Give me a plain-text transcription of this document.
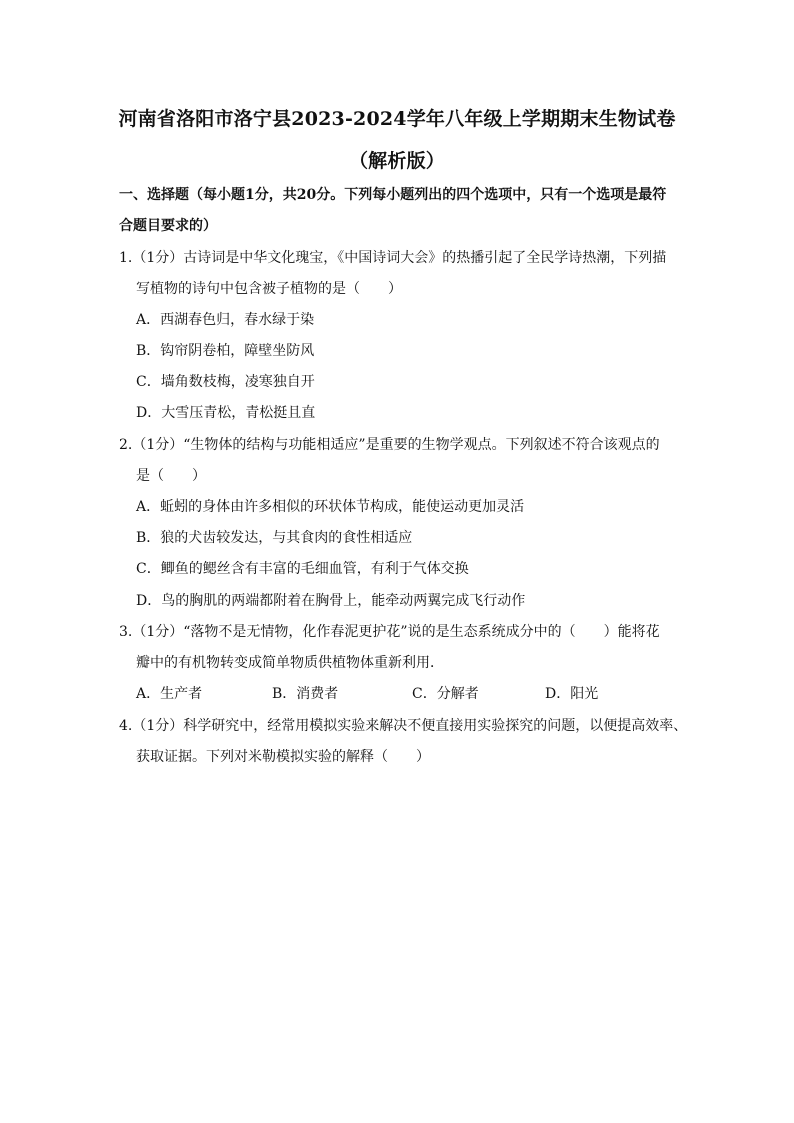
河南省洛阳市洛宁县2023-2024学年八年级上学期期末生物试卷
（解析版）
一、选择题（每小题1分，共20分。下列每小题列出的四个选项中，只有一个选项是最符
合题目要求的）
1.（1分）古诗词是中华文化瑰宝，《中国诗词大会》的热播引起了全民学诗热潮，下列描
写植物的诗句中包含被子植物的是（　　）
A．西湖春色归，春水绿于染
B．钩帘阴卷柏，障壁坐防风
C．墙角数枝梅，凌寒独自开
D．大雪压青松，青松挺且直
2.（1分）“生物体的结构与功能相适应”是重要的生物学观点。下列叙述不符合该观点的
是（　　）
A．蚯蚓的身体由许多相似的环状体节构成，能使运动更加灵活
B．狼的犬齿较发达，与其食肉的食性相适应
C．鲫鱼的鳃丝含有丰富的毛细血管，有利于气体交换
D．鸟的胸肌的两端都附着在胸骨上，能牵动两翼完成飞行动作
3.（1分）“落物不是无情物，化作春泥更护花”说的是生态系统成分中的（　　）能将花
瓣中的有机物转变成简单物质供植物体重新利用．
A．生产者	B．消费者	C．分解者	D．阳光
4.（1分）科学研究中，经常用模拟实验来解决不便直接用实验探究的问题，以便提高效率、
获取证据。下列对米勒模拟实验的解释（　　）
